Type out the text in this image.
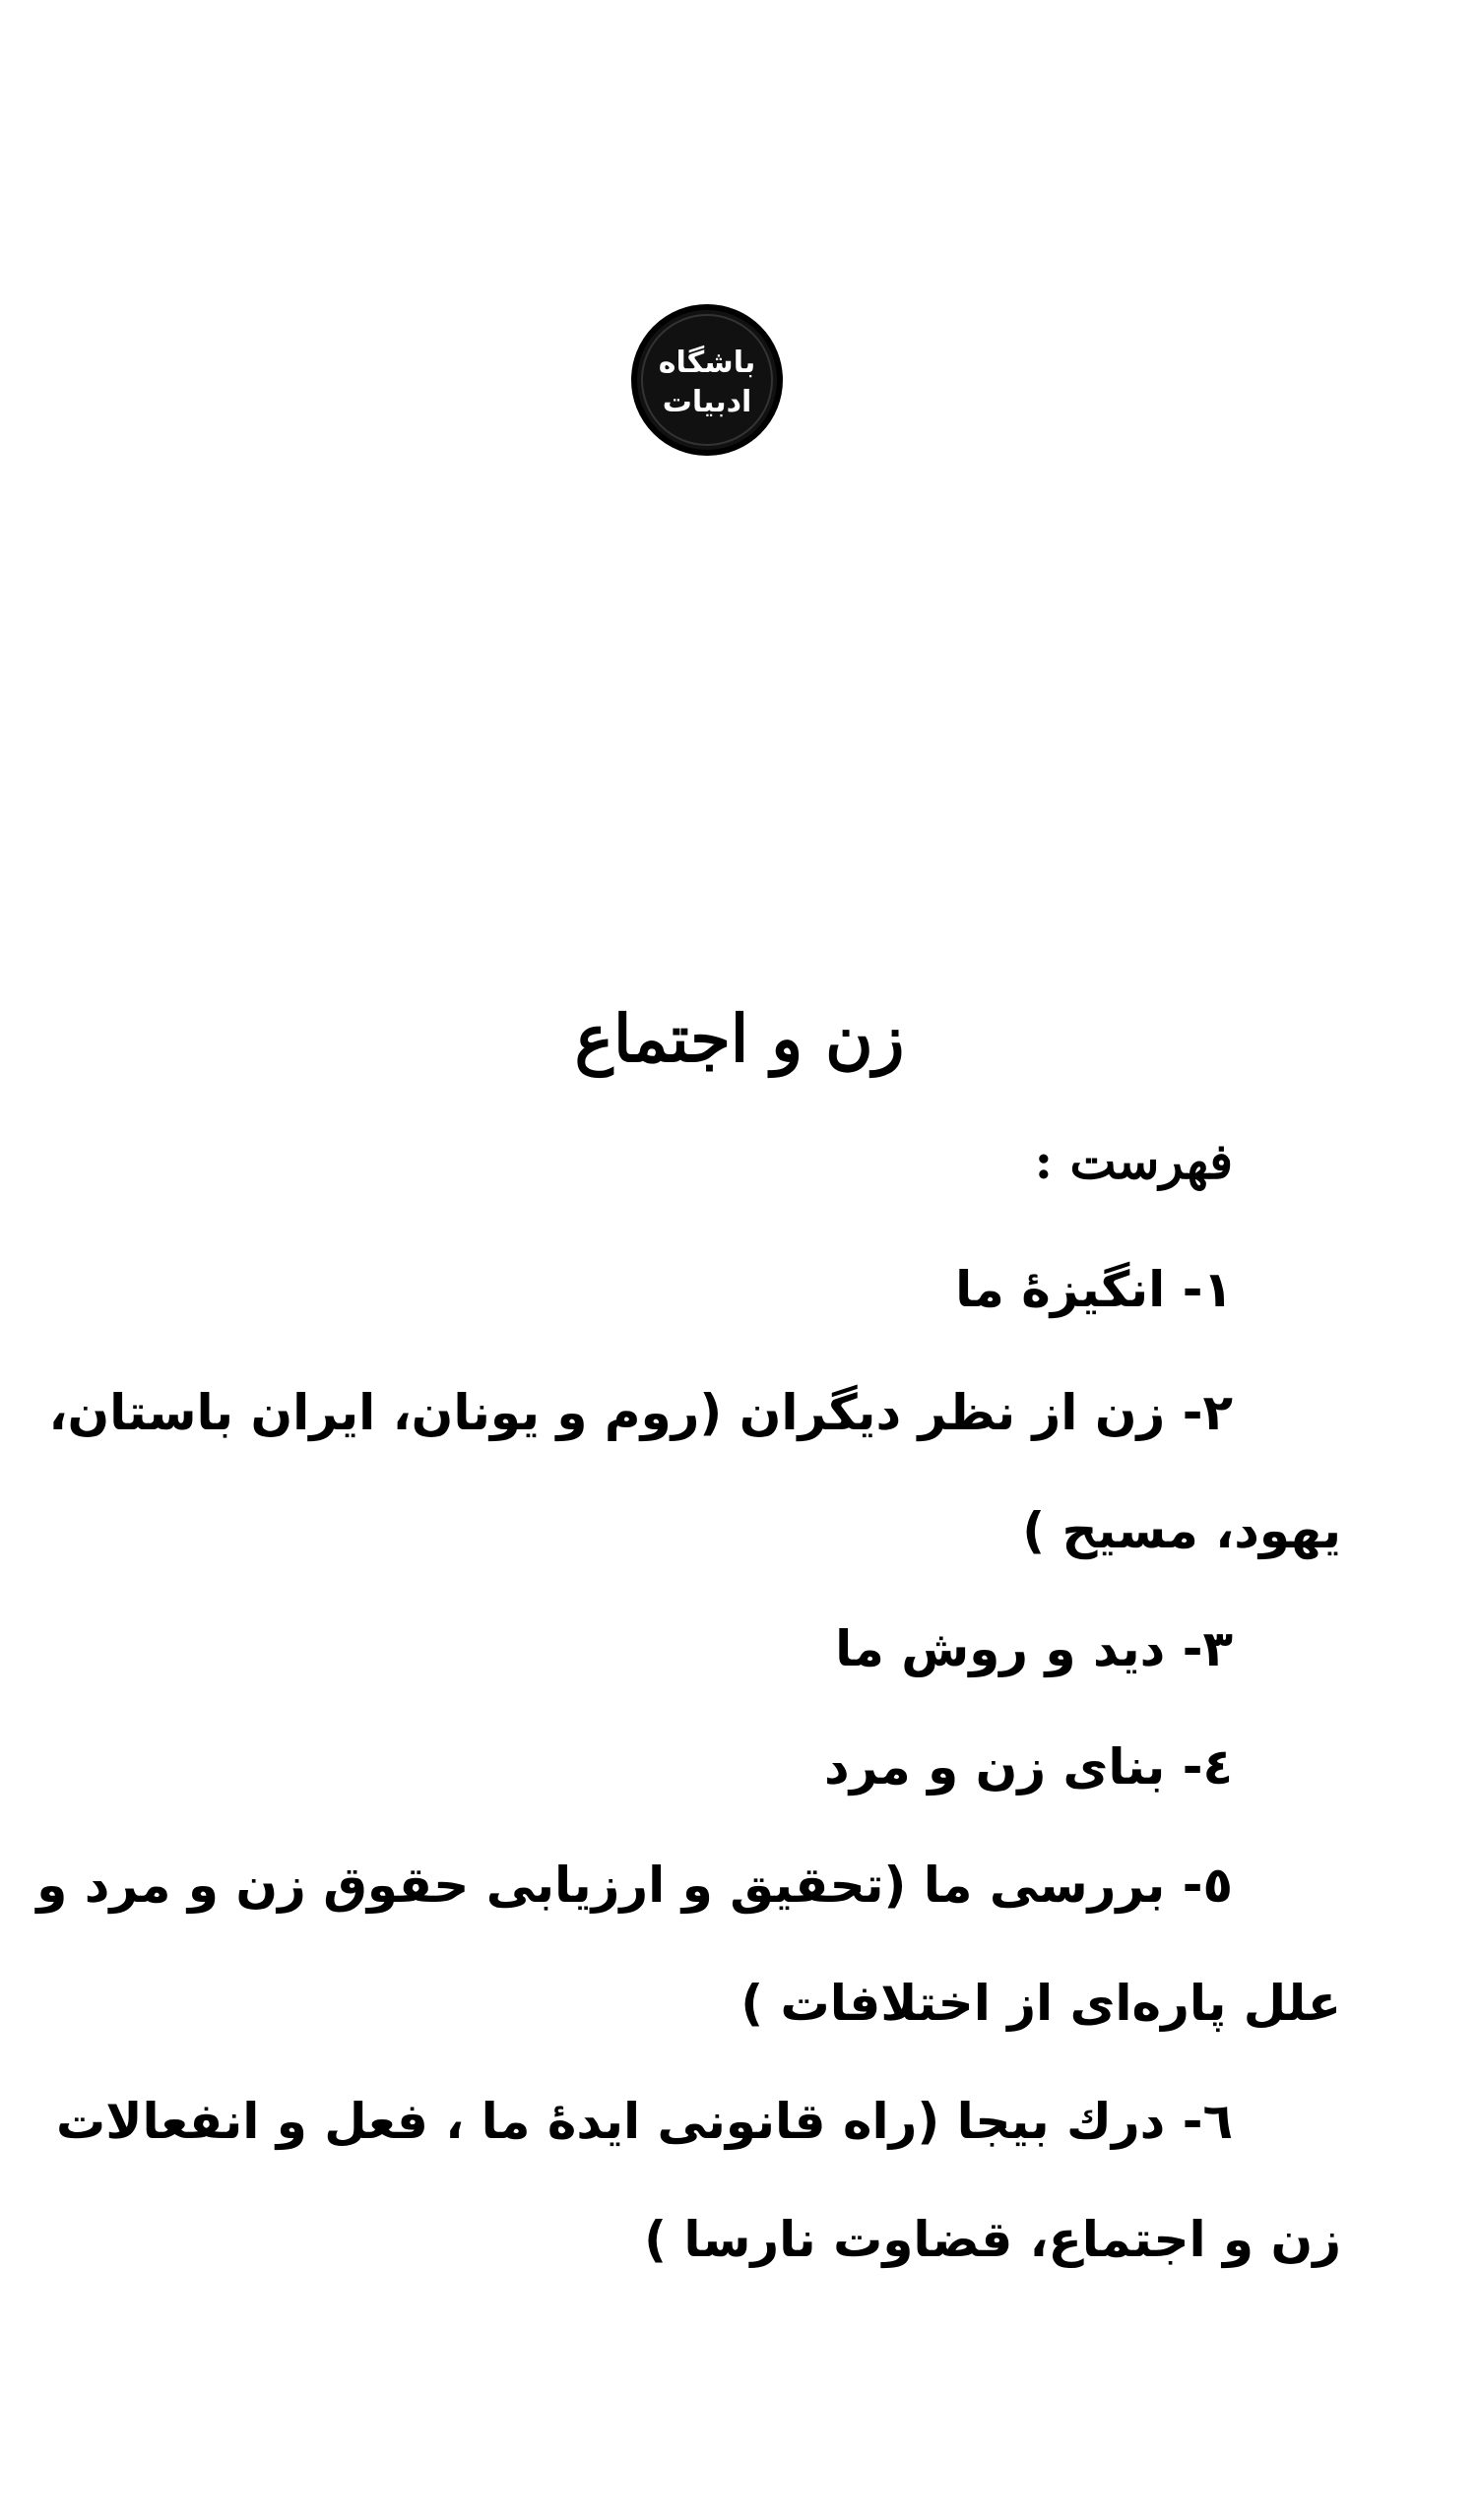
باشگاه
ادبیات
زن و اجتماع
فهرست :
۱- انگیزهٔ ما
۲- زن از نظر دیگران (روم و یونان، ایران باستان،
یهود، مسیح )
۳- دید و روش ما
٤- بنای زن و مرد
٥- بررسی ما (تحقیق و ارزیابی حقوق زن و مرد و
علل پاره‌ای از اختلافات )
٦- درك بیجا (راه قانونی ایدهٔ ما ، فعل و انفعالات
زن و اجتماع، قضاوت نارسا )
